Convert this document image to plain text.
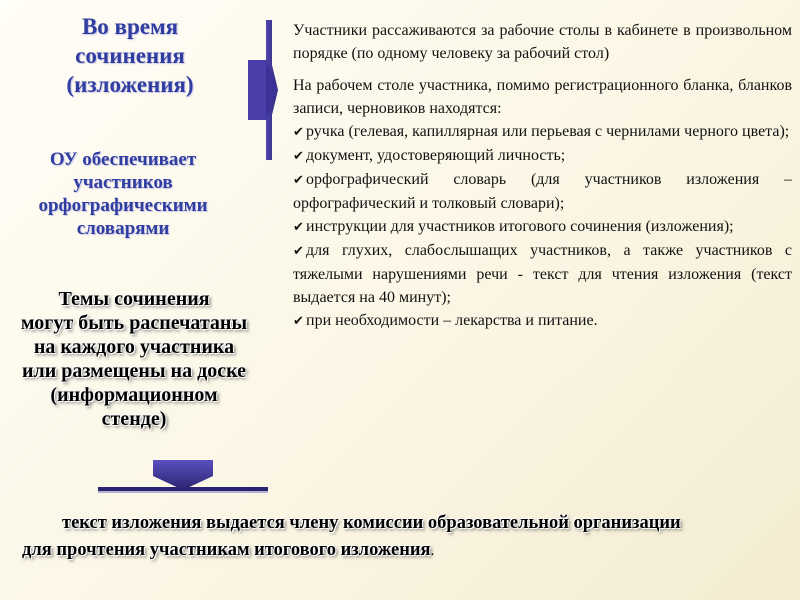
Во время
сочинения
(изложения)
ОУ обеспечивает
участников
орфографическими
словарями
Темы сочинения
могут быть распечатаны
на каждого участника
или размещены на доске
(информационном
стенде)

Участники рассаживаются за рабочие столы в кабинете в произвольном порядке (по одному человеку за рабочий стол)

На рабочем столе участника, помимо регистрационного бланка, бланков записи, черновиков находятся:

✔ ручка (гелевая, капиллярная или перьевая с чернилами черного цвета);
✔ документ, удостоверяющий личность;
✔ орфографический словарь (для участников изложения – орфографический и толковый словари);
✔ инструкции для участников итогового сочинения (изложения);
✔ для глухих, слабослышащих участников, а также участников с тяжелыми нарушениями речи - текст для чтения изложения (текст выдается на 40 минут);
✔ при необходимости – лекарства и питание.
текст изложения выдается члену комиссии образовательной организации
для прочтения участникам итогового изложения.
